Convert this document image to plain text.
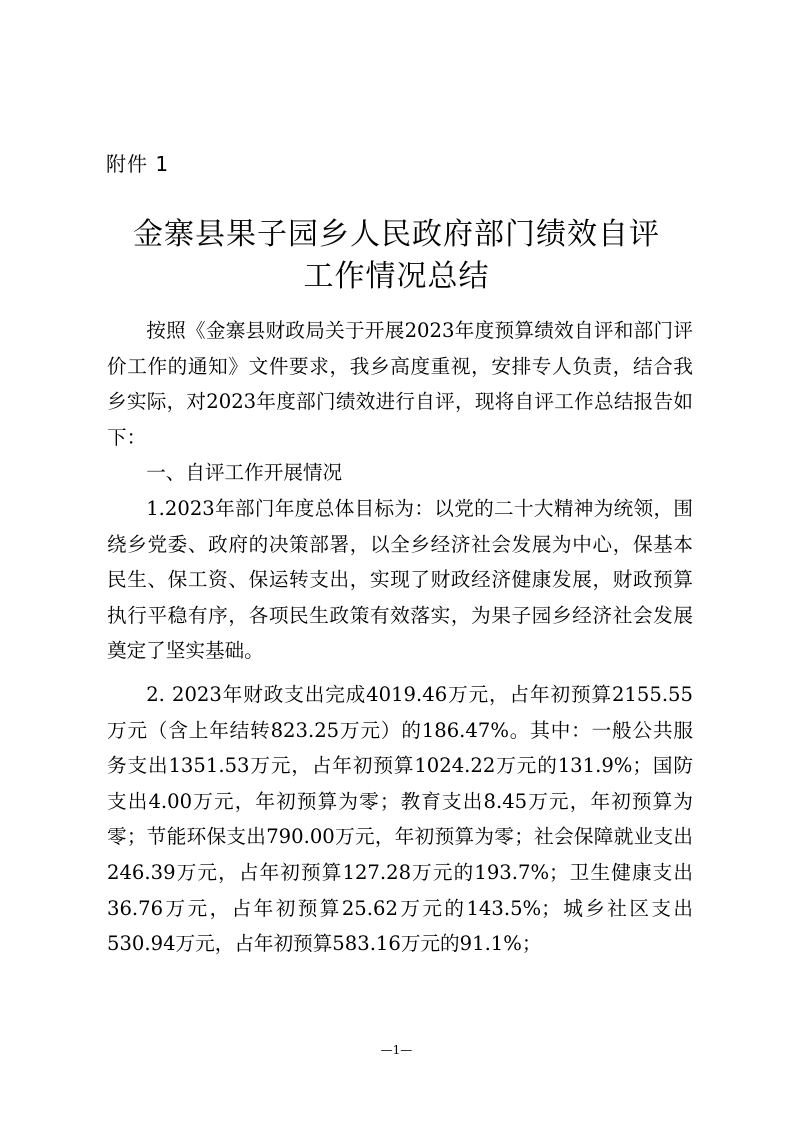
附件 1
金寨县果子园乡人民政府部门绩效自评
工作情况总结

按照《金寨县财政局关于开展2023年度预算绩效自评和部门评价工作的通知》文件要求，我乡高度重视，安排专人负责，结合我乡实际，对2023年度部门绩效进行自评，现将自评工作总结报告如下：

一、自评工作开展情况

1.2023年部门年度总体目标为：以党的二十大精神为统领，围绕乡党委、政府的决策部署，以全乡经济社会发展为中心，保基本民生、保工资、保运转支出，实现了财政经济健康发展，财政预算执行平稳有序，各项民生政策有效落实，为果子园乡经济社会发展奠定了坚实基础。

2. 2023年财政支出完成4019.46万元，占年初预算2155.55万元（含上年结转823.25万元）的186.47%。其中：一般公共服务支出1351.53万元，占年初预算1024.22万元的131.9%；国防支出4.00万元，年初预算为零；教育支出8.45万元，年初预算为零；节能环保支出790.00万元，年初预算为零；社会保障就业支出246.39万元，占年初预算127.28万元的193.7%；卫生健康支出36.76万元，占年初预算25.62万元的143.5%；城乡社区支出530.94万元，占年初预算583.16万元的91.1%；

—1—
